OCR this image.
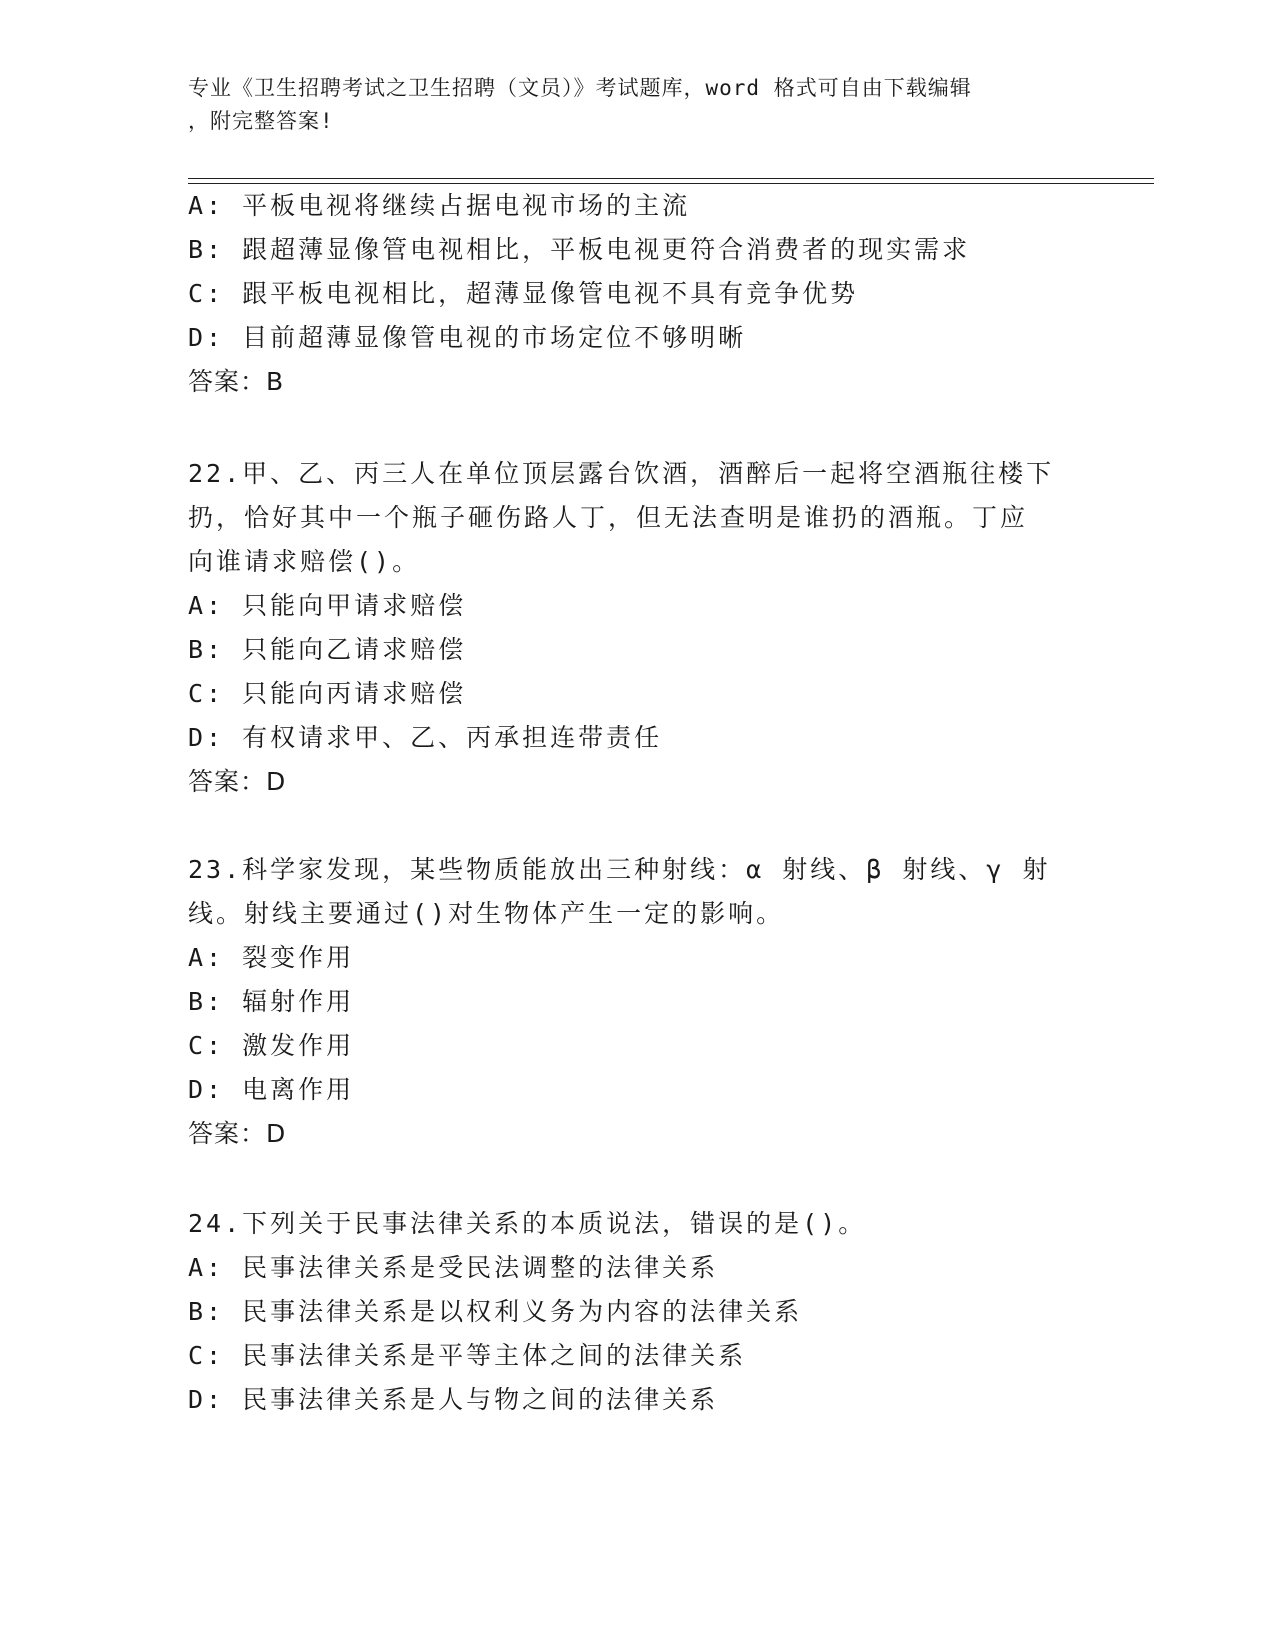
专业《卫生招聘考试之卫生招聘（文员）》考试题库，word 格式可自由下载编辑
，附完整答案!
A: 平板电视将继续占据电视市场的主流
B: 跟超薄显像管电视相比，平板电视更符合消费者的现实需求
C: 跟平板电视相比，超薄显像管电视不具有竞争优势
D: 目前超薄显像管电视的市场定位不够明晰
答案：B
22.甲、乙、丙三人在单位顶层露台饮酒，酒醉后一起将空酒瓶往楼下
扔，恰好其中一个瓶子砸伤路人丁，但无法查明是谁扔的酒瓶。丁应
向谁请求赔偿()。
A: 只能向甲请求赔偿
B: 只能向乙请求赔偿
C: 只能向丙请求赔偿
D: 有权请求甲、乙、丙承担连带责任
答案：D
23.科学家发现，某些物质能放出三种射线：α 射线、β 射线、γ 射
线。射线主要通过()对生物体产生一定的影响。
A: 裂变作用
B: 辐射作用
C: 激发作用
D: 电离作用
答案：D
24.下列关于民事法律关系的本质说法，错误的是()。
A: 民事法律关系是受民法调整的法律关系
B: 民事法律关系是以权利义务为内容的法律关系
C: 民事法律关系是平等主体之间的法律关系
D: 民事法律关系是人与物之间的法律关系
